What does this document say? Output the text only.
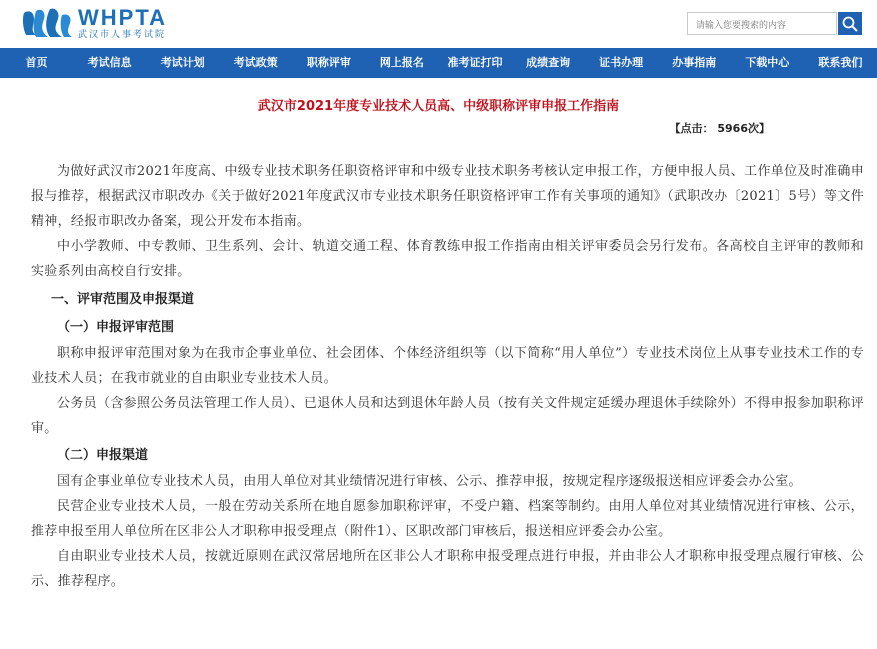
WHPTA
武汉市人事考试院
请输入您要搜索的内容
首页	考试信息	考试计划	考试政策	职称评审	网上报名	准考证打印	成绩查询	证书办理	办事指南	下载中心	联系我们
武汉市2021年度专业技术人员高、中级职称评审申报工作指南
【点击： 5966次】

为做好武汉市2021年度高、中级专业技术职务任职资格评审和中级专业技术职务考核认定申报工作，方便申报人员、工作单位及时准确申报与推荐，根据武汉市职改办《关于做好2021年度武汉市专业技术职务任职资格评审工作有关事项的通知》（武职改办〔2021〕5号）等文件精神，经报市职改办备案，现公开发布本指南。

中小学教师、中专教师、卫生系列、会计、轨道交通工程、体育教练申报工作指南由相关评审委员会另行发布。各高校自主评审的教师和实验系列由高校自行安排。

一、评审范围及申报渠道
（一）申报评审范围

职称申报评审范围对象为在我市企事业单位、社会团体、个体经济组织等（以下简称“用人单位”）专业技术岗位上从事专业技术工作的专业技术人员；在我市就业的自由职业专业技术人员。

公务员（含参照公务员法管理工作人员）、已退休人员和达到退休年龄人员（按有关文件规定延缓办理退休手续除外）不得申报参加职称评审。

（二）申报渠道

国有企事业单位专业技术人员，由用人单位对其业绩情况进行审核、公示、推荐申报，按规定程序逐级报送相应评委会办公室。

民营企业专业技术人员，一般在劳动关系所在地自愿参加职称评审，不受户籍、档案等制约。由用人单位对其业绩情况进行审核、公示，推荐申报至用人单位所在区非公人才职称申报受理点（附件1）、区职改部门审核后，报送相应评委会办公室。

自由职业专业技术人员，按就近原则在武汉常居地所在区非公人才职称申报受理点进行申报，并由非公人才职称申报受理点履行审核、公示、推荐程序。
